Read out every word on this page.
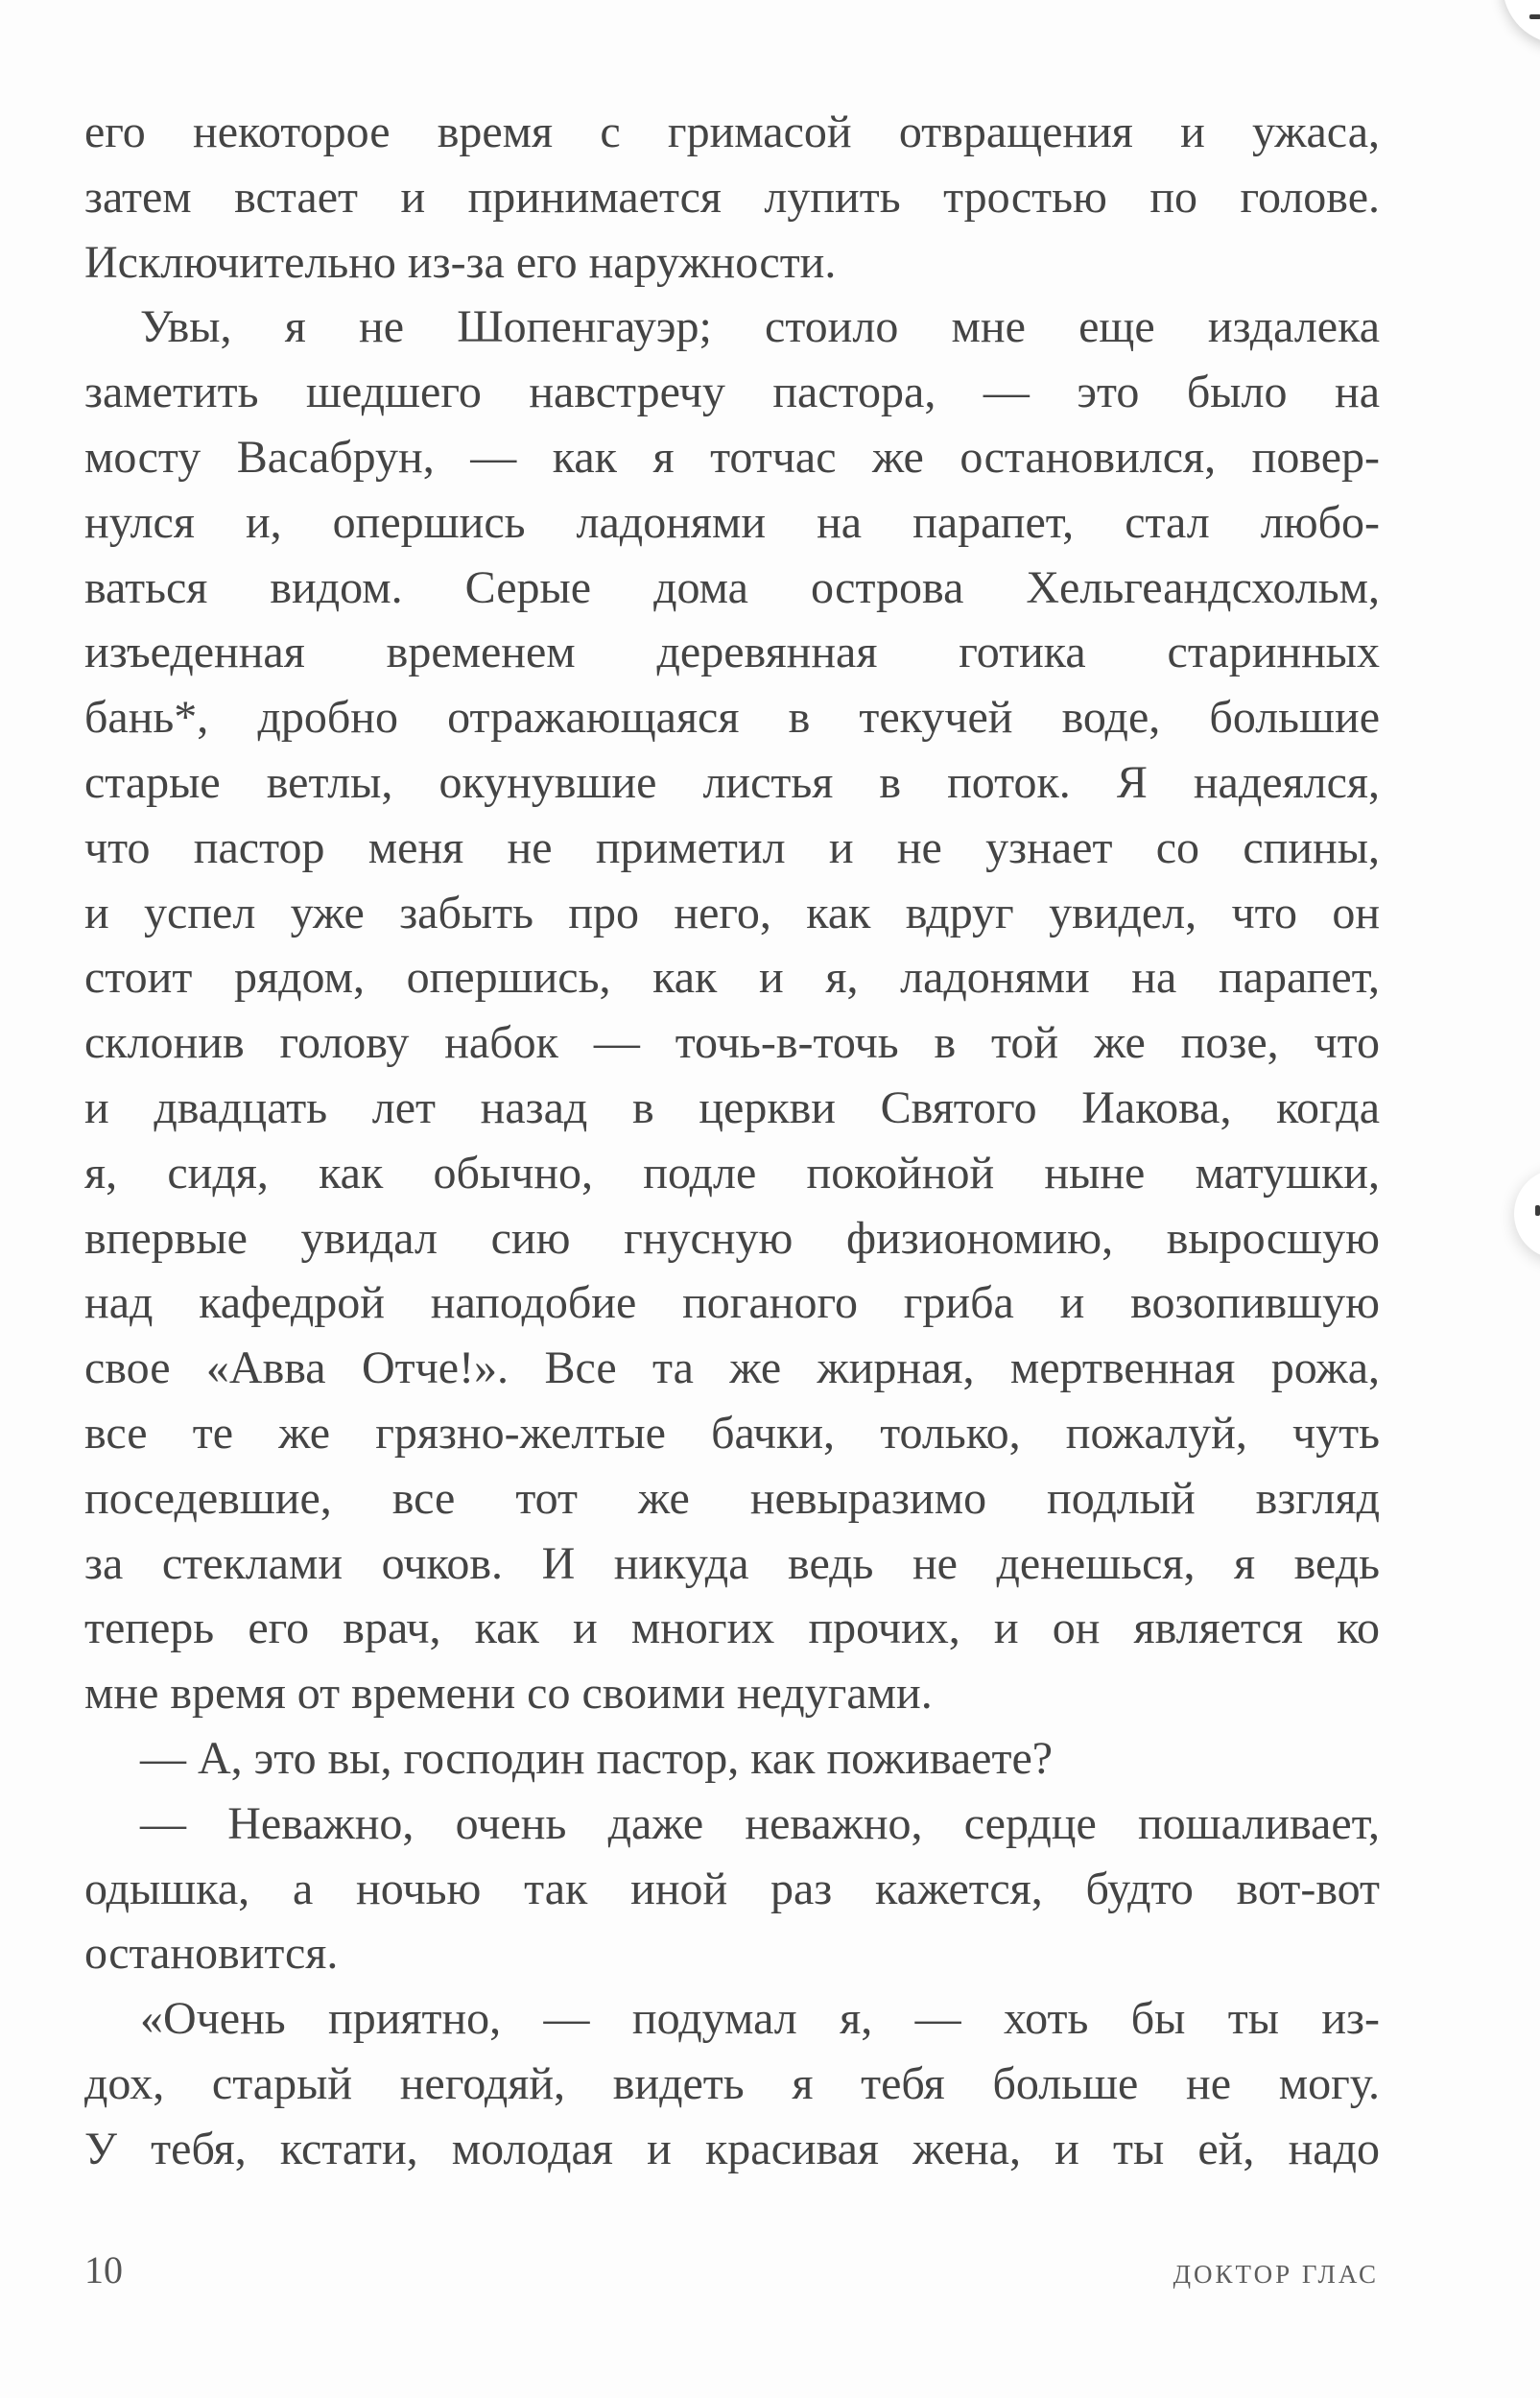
его некоторое время с гримасой отвращения и ужаса,
затем встает и принимается лупить тростью по голове.
Исключительно из-за его наружности.
Увы, я не Шопенгауэр; стоило мне еще издалека
заметить шедшего навстречу пастора, — это было на
мосту Васабрун, — как я тотчас же остановился, повер-
нулся и, опершись ладонями на парапет, стал любо-
ваться видом. Серые дома острова Хельгеандсхольм,
изъеденная временем деревянная готика старинных
бань*, дробно отражающаяся в текучей воде, большие
старые ветлы, окунувшие листья в поток. Я надеялся,
что пастор меня не приметил и не узнает со спины,
и успел уже забыть про него, как вдруг увидел, что он
стоит рядом, опершись, как и я, ладонями на парапет,
склонив голову набок — точь-в-точь в той же позе, что
и двадцать лет назад в церкви Святого Иакова, когда
я, сидя, как обычно, подле покойной ныне матушки,
впервые увидал сию гнусную физиономию, выросшую
над кафедрой наподобие поганого гриба и возопившую
свое «Авва Отче!». Все та же жирная, мертвенная рожа,
все те же грязно-желтые бачки, только, пожалуй, чуть
поседевшие, все тот же невыразимо подлый взгляд
за стеклами очков. И никуда ведь не денешься, я ведь
теперь его врач, как и многих прочих, и он является ко
мне время от времени со своими недугами.
— А, это вы, господин пастор, как поживаете?
— Неважно, очень даже неважно, сердце пошаливает,
одышка, а ночью так иной раз кажется, будто вот-вот
остановится.
«Очень приятно, — подумал я, — хоть бы ты из-
дох, старый негодяй, видеть я тебя больше не могу.
У тебя, кстати, молодая и красивая жена, и ты ей, надо
10	ДОКТОР ГЛАС
